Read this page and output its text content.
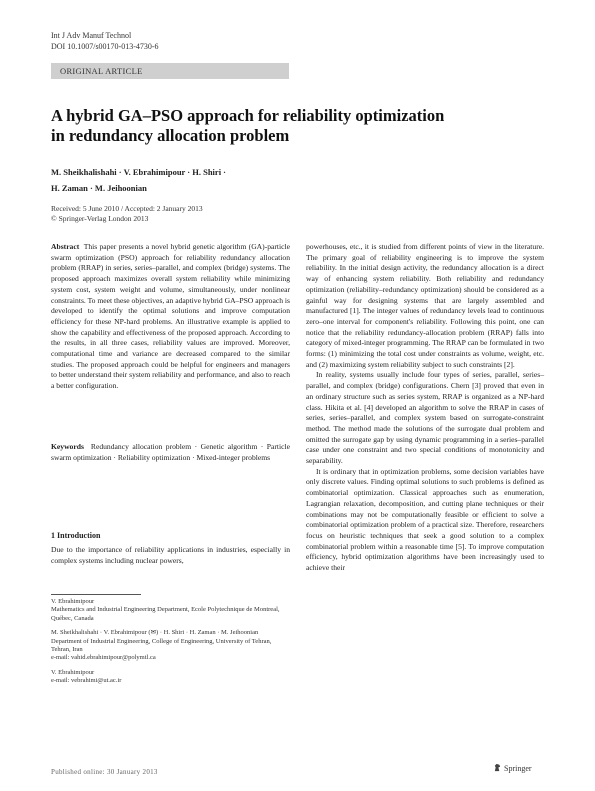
Int J Adv Manuf Technol
DOI 10.1007/s00170-013-4730-6
ORIGINAL ARTICLE
A hybrid GA–PSO approach for reliability optimization
in redundancy allocation problem
M. Sheikhalishahi · V. Ebrahimipour · H. Shiri ·
H. Zaman · M. Jeihoonian
Received: 5 June 2010 / Accepted: 2 January 2013
© Springer-Verlag London 2013
Abstract This paper presents a novel hybrid genetic algorithm (GA)-particle swarm optimization (PSO) approach for reliability redundancy allocation problem (RRAP) in series, series–parallel, and complex (bridge) systems. The proposed approach maximizes overall system reliability while minimizing system cost, system weight and volume, simultaneously, under nonlinear constraints. To meet these objectives, an adaptive hybrid GA–PSO approach is developed to identify the optimal solutions and improve computation efficiency for these NP-hard problems. An illustrative example is applied to show the capability and effectiveness of the proposed approach. According to the results, in all three cases, reliability values are improved. Moreover, computational time and variance are decreased compared to the similar studies. The proposed approach could be helpful for engineers and managers to better understand their system reliability and performance, and also to reach a better configuration.
Keywords Redundancy allocation problem · Genetic algorithm · Particle swarm optimization · Reliability optimization · Mixed-integer problems
1 Introduction
Due to the importance of reliability applications in industries, especially in complex systems including nuclear powers,
V. Ebrahimipour
Mathematics and Industrial Engineering Department, Ecole Polytechnique de Montreal, Québec, Canada
M. Sheikhalishahi · V. Ebrahimipour (✉) · H. Shiri · H. Zaman · M. Jeihoonian
Department of Industrial Engineering, College of Engineering, University of Tehran, Tehran, Iran
e-mail: vahid.ebrahimipour@polymtl.ca
V. Ebrahimipour
e-mail: vebrahimi@ut.ac.ir

powerhouses, etc., it is studied from different points of view in the literature. The primary goal of reliability engineering is to improve the system reliability. In the initial design activity, the redundancy allocation is a direct way of enhancing system reliability. Both reliability and redundancy optimization (reliability–redundancy optimization) should be considered as a gainful way for designing systems that are largely assembled and manufactured [1]. The integer values of redundancy levels lead to continuous zero–one interval for component's reliability. Following this point, one can notice that the reliability redundancy-allocation problem (RRAP) falls into category of mixed-integer programming. The RRAP can be formulated in two forms: (1) minimizing the total cost under constraints as volume, weight, etc. and (2) maximizing system reliability subject to such constraints [2].

In reality, systems usually include four types of series, parallel, series–parallel, and complex (bridge) configurations. Chern [3] proved that even in an ordinary structure such as series system, RRAP is organized as a NP-hard class. Hikita et al. [4] developed an algorithm to solve the RRAP in cases of series, series–parallel, and complex system based on surrogate-constraint method. The method made the solutions of the surrogate dual problem and omitted the surrogate gap by using dynamic programming in a series–parallel case under one constraint and two special conditions of monotonicity and separability.

It is ordinary that in optimization problems, some decision variables have only discrete values. Finding optimal solutions to such problems is defined as combinatorial optimization. Classical approaches such as enumeration, Lagrangian relaxation, decomposition, and cutting plane techniques or their combinations may not be computationally feasible or efficient to solve a combinatorial optimization problem of a practical size. Therefore, researchers focus on heuristic techniques that seek a good solution to a complex combinatorial problem within a reasonable time [5]. To improve computation efficiency, hybrid optimization algorithms have been increasingly used to achieve their

Published online: 30 January 2013	Springer
